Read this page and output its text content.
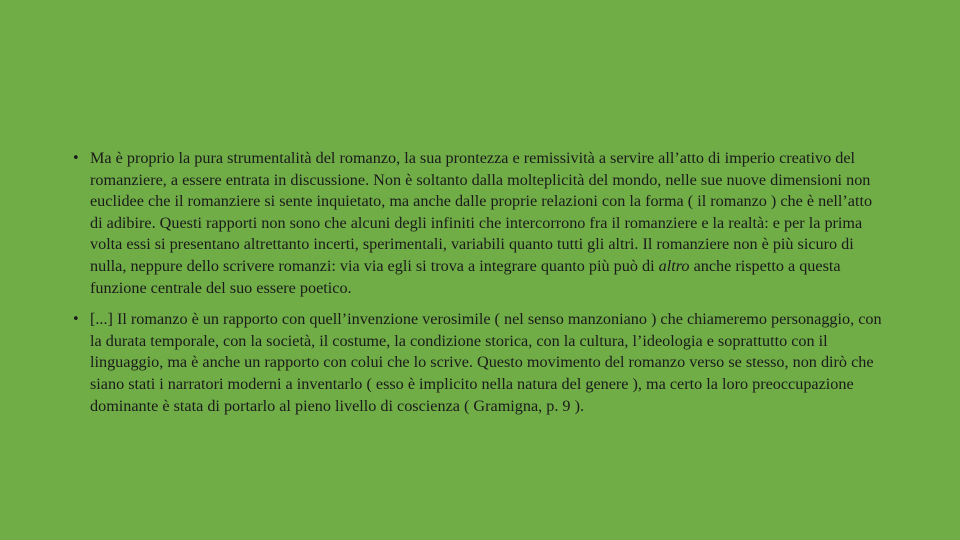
• Ma è proprio la pura strumentalità del romanzo, la sua prontezza e remissività a servire all’atto di imperio creativo del romanziere, a essere entrata in discussione. Non è soltanto dalla molteplicità del mondo, nelle sue nuove dimensioni non euclidee che il romanziere si sente inquietato, ma anche dalle proprie relazioni con la forma ( il romanzo ) che è nell’atto di adibire. Questi rapporti non sono che alcuni degli infiniti che intercorrono fra il romanziere e la realtà: e per la prima volta essi si presentano altrettanto incerti, sperimentali, variabili quanto tutti gli altri. Il romanziere non è più sicuro di nulla, neppure dello scrivere romanzi: via via egli si trova a integrare quanto più può di altro anche rispetto a questa funzione centrale del suo essere poetico.
• [...] Il romanzo è un rapporto con quell’invenzione verosimile ( nel senso manzoniano ) che chiameremo personaggio, con la durata temporale, con la società, il costume, la condizione storica, con la cultura, l’ideologia e soprattutto con il linguaggio, ma è anche un rapporto con colui che lo scrive. Questo movimento del romanzo verso se stesso, non dirò che siano stati i narratori moderni a inventarlo ( esso è implicito nella natura del genere ), ma certo la loro preoccupazione dominante è stata di portarlo al pieno livello di coscienza ( Gramigna, p. 9 ).
